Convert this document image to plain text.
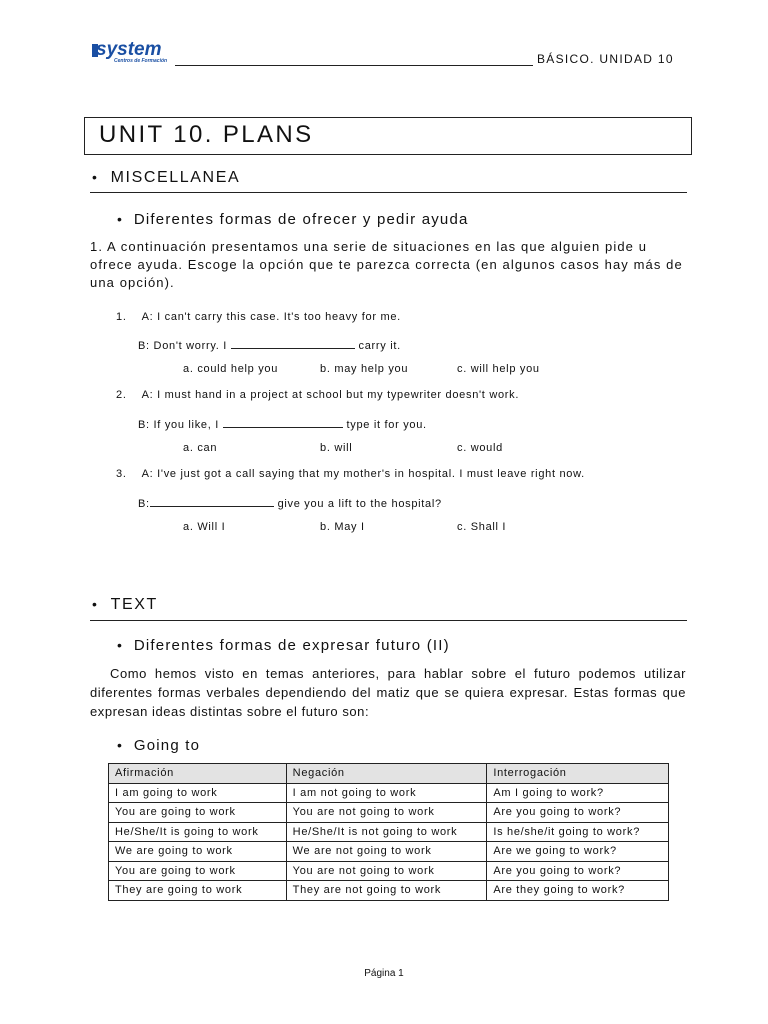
system
Centros de Formación	BÁSICO. UNIDAD 10
UNIT 10. PLANS
• MISCELLANEA
• Diferentes formas de ofrecer y pedir ayuda
1. A continuación presentamos una serie de situaciones en las que alguien pide u ofrece ayuda. Escoge la opción que te parezca correcta (en algunos casos hay más de una opción).
1. A: I can't carry this case. It's too heavy for me.
B: Don't worry. I	carry it.
a. could help you	b. may help you	c. will help you
2. A: I must hand in a project at school but my typewriter doesn't work.
B: If you like, I	type it for you.
a. can	b. will	c. would
3. A: I've just got a call saying that my mother's in hospital. I must leave right now.
B:	give you a lift to the hospital?
a. Will I	b. May I	c. Shall I
• TEXT
• Diferentes formas de expresar futuro (II)
Como hemos visto en temas anteriores, para hablar sobre el futuro podemos utilizar diferentes formas verbales dependiendo del matiz que se quiera expresar. Estas formas que expresan ideas distintas sobre el futuro son:
• Going to
Afirmación	Negación	Interrogación
I am going to work	I am not going to work	Am I going to work?
You are going to work	You are not going to work	Are you going to work?
He/She/It is going to work	He/She/It is not going to work	Is he/she/it going to work?
We are going to work	We are not going to work	Are we going to work?
You are going to work	You are not going to work	Are you going to work?
They are going to work	They are not going to work	Are they going to work?
Página 1
